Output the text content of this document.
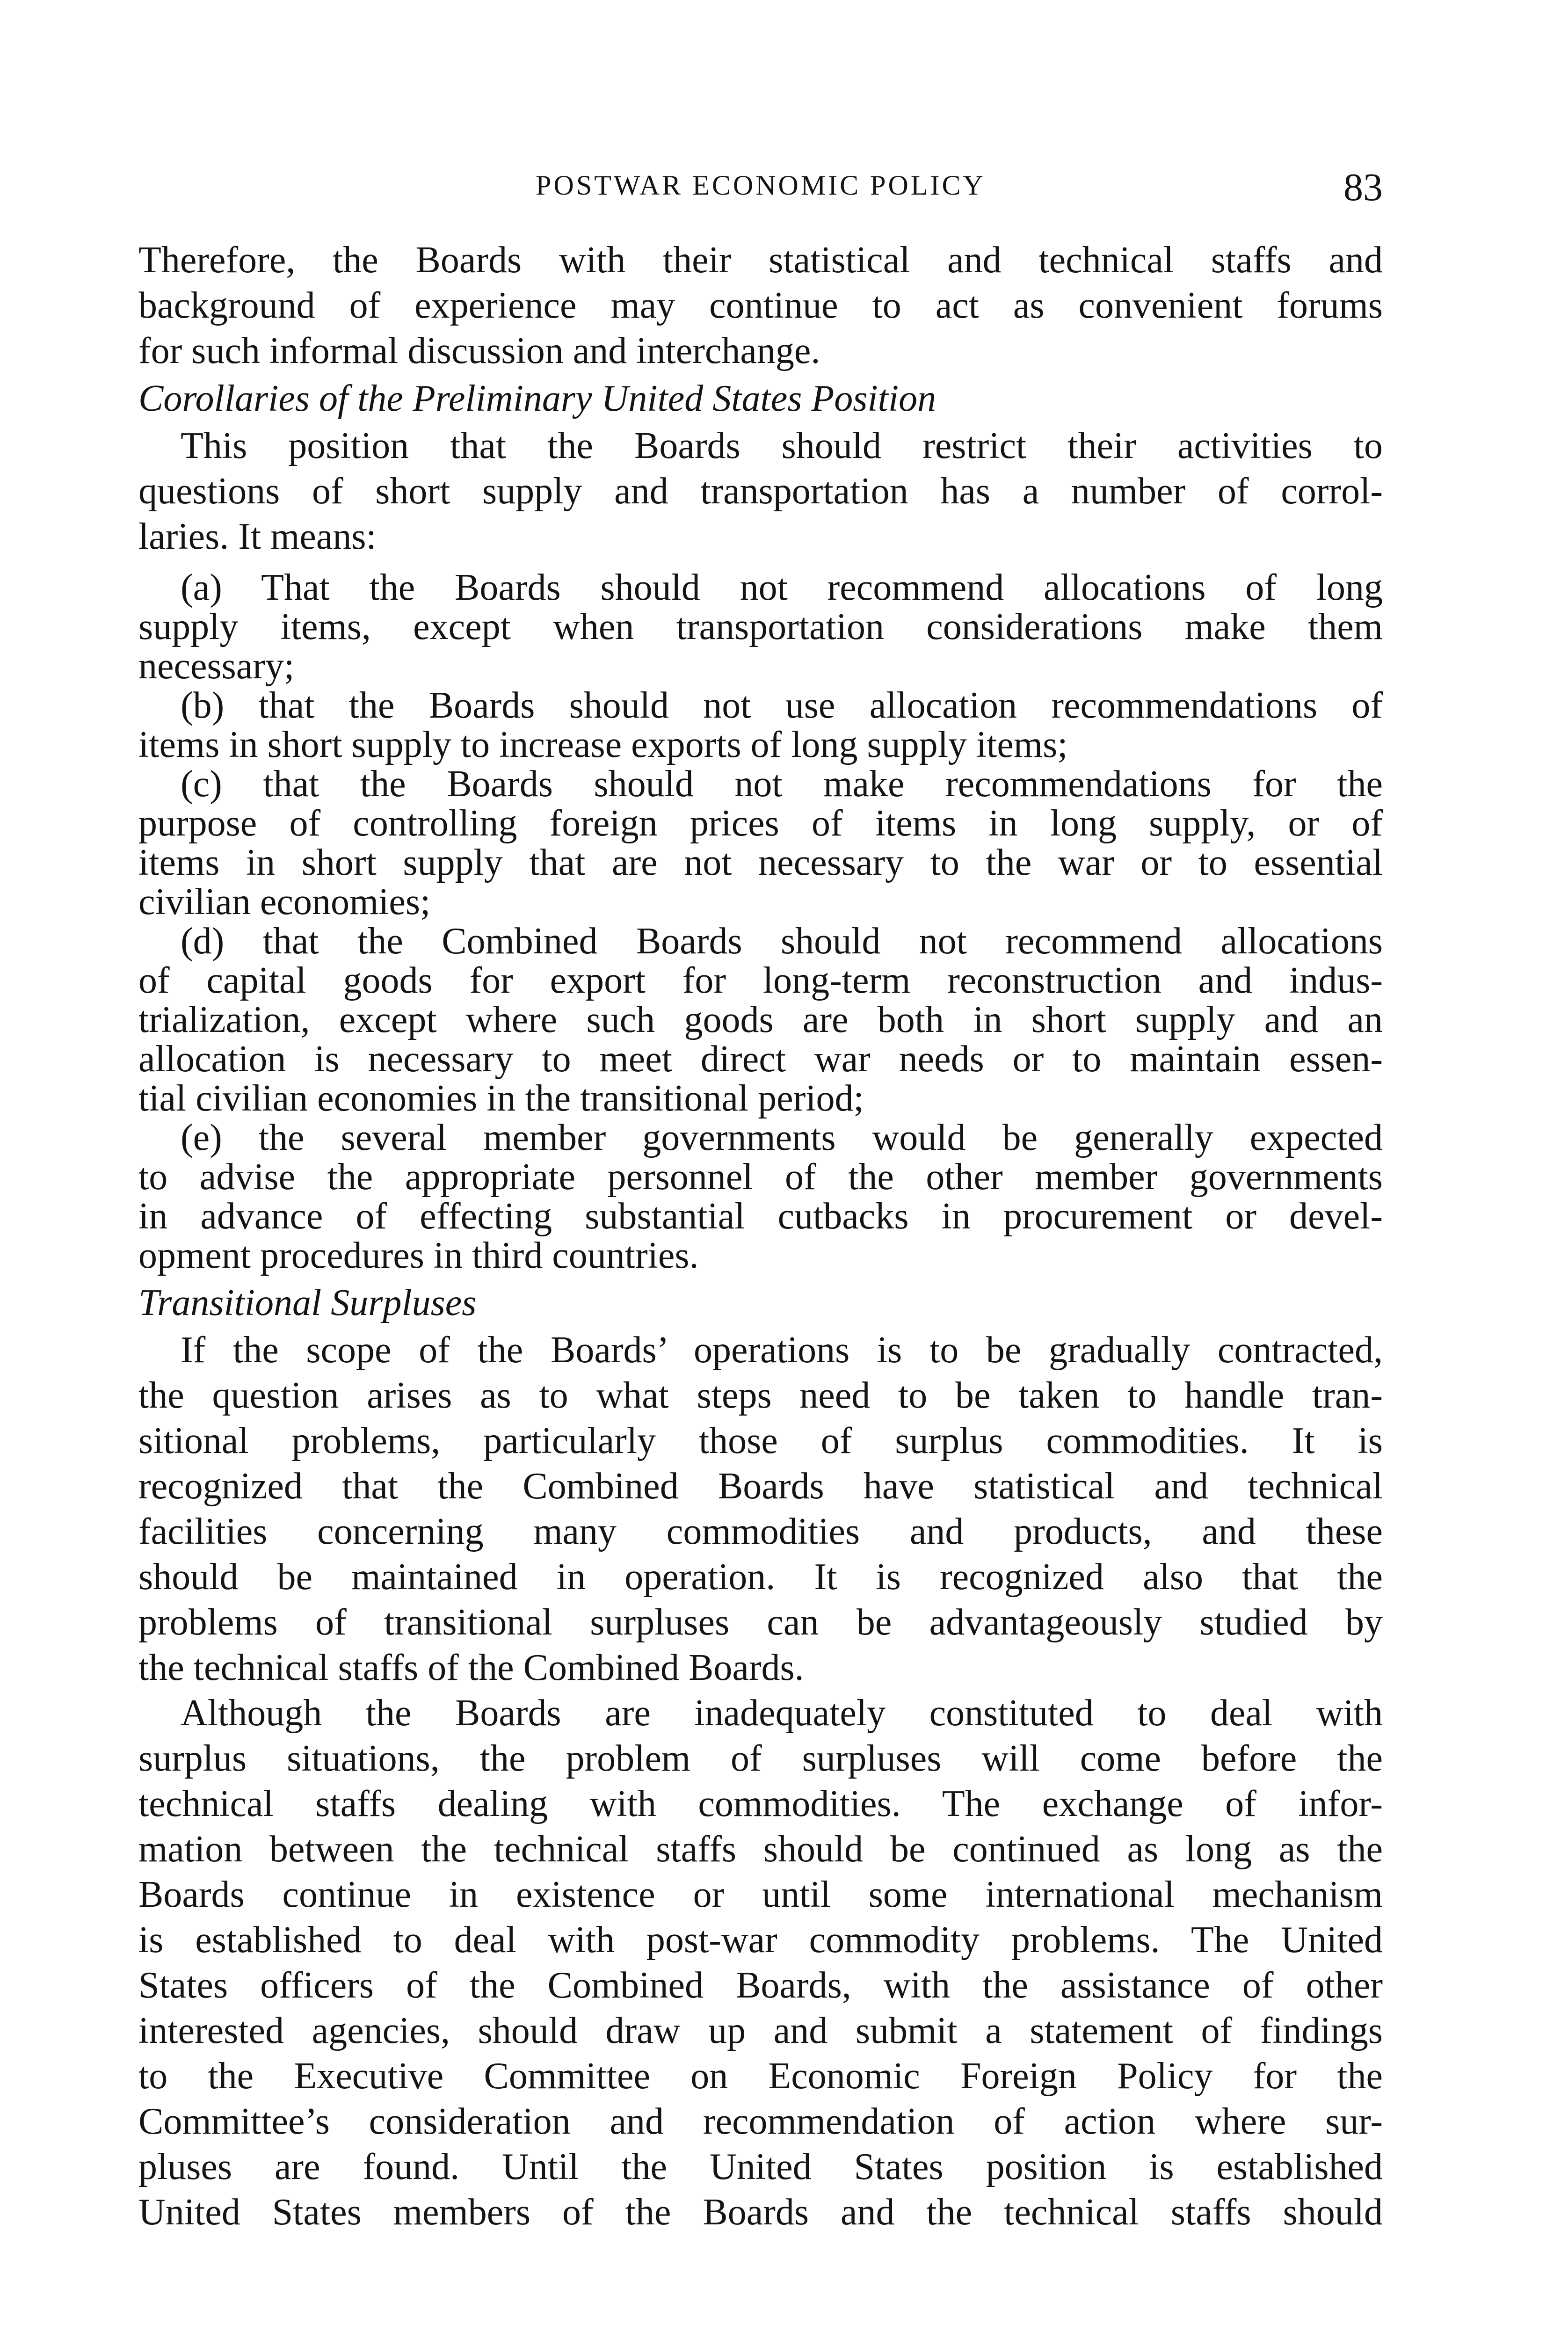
POSTWAR ECONOMIC POLICY	83
Therefore, the Boards with their statistical and technical staffs and
background of experience may continue to act as convenient forums
for such informal discussion and interchange.
Corollaries of the Preliminary United States Position
This position that the Boards should restrict their activities to
questions of short supply and transportation has a number of corrol-
laries. It means:
(a) That the Boards should not recommend allocations of long
supply items, except when transportation considerations make them
necessary;
(b) that the Boards should not use allocation recommendations of
items in short supply to increase exports of long supply items;
(c) that the Boards should not make recommendations for the
purpose of controlling foreign prices of items in long supply, or of
items in short supply that are not necessary to the war or to essential
civilian economies;
(d) that the Combined Boards should not recommend allocations
of capital goods for export for long-term reconstruction and indus-
trialization, except where such goods are both in short supply and an
allocation is necessary to meet direct war needs or to maintain essen-
tial civilian economies in the transitional period;
(e) the several member governments would be generally expected
to advise the appropriate personnel of the other member governments
in advance of effecting substantial cutbacks in procurement or devel-
opment procedures in third countries.
Transitional Surpluses
If the scope of the Boards’ operations is to be gradually contracted,
the question arises as to what steps need to be taken to handle tran-
sitional problems, particularly those of surplus commodities. It is
recognized that the Combined Boards have statistical and technical
facilities concerning many commodities and products, and these
should be maintained in operation. It is recognized also that the
problems of transitional surpluses can be advantageously studied by
the technical staffs of the Combined Boards.
Although the Boards are inadequately constituted to deal with
surplus situations, the problem of surpluses will come before the
technical staffs dealing with commodities. The exchange of infor-
mation between the technical staffs should be continued as long as the
Boards continue in existence or until some international mechanism
is established to deal with post-war commodity problems. The United
States officers of the Combined Boards, with the assistance of other
interested agencies, should draw up and submit a statement of findings
to the Executive Committee on Economic Foreign Policy for the
Committee’s consideration and recommendation of action where sur-
pluses are found. Until the United States position is established
United States members of the Boards and the technical staffs should
